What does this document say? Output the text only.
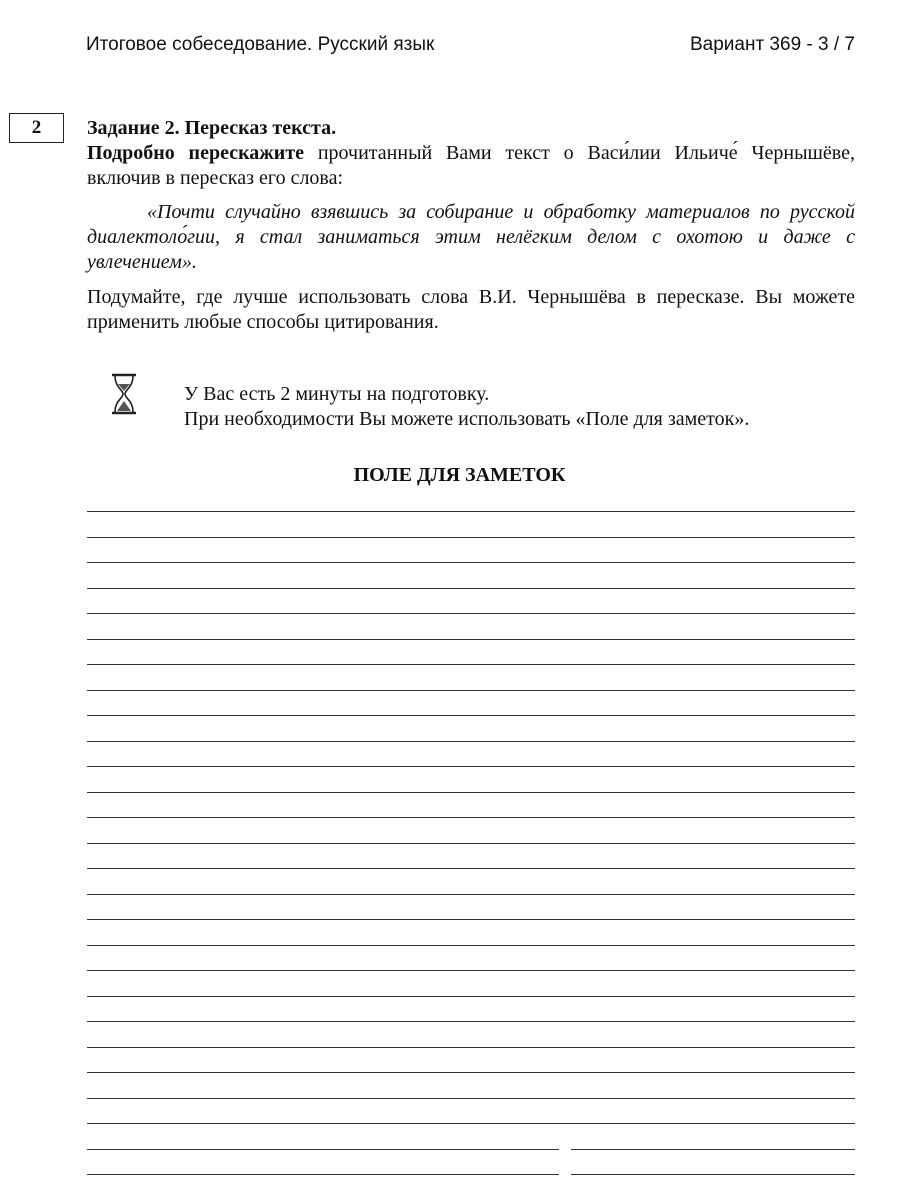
Итоговое собеседование. Русский язык	Вариант 369 - 3 / 7
2 Задание 2. Пересказ текста.
Подробно перескажите прочитанный Вами текст о Васи́лии Ильиче́ Чернышёве, включив в пересказ его слова:
«Почти случайно взявшись за собирание и обработку материалов по русской диалектоло́гии, я стал заниматься этим нелёгким делом с охотою и даже с увлечением».
Подумайте, где лучше использовать слова В.И. Чернышёва в пересказе. Вы можете применить любые способы цитирования.
У Вас есть 2 минуты на подготовку.
При необходимости Вы можете использовать «Поле для заметок».
ПОЛЕ ДЛЯ ЗАМЕТОК
